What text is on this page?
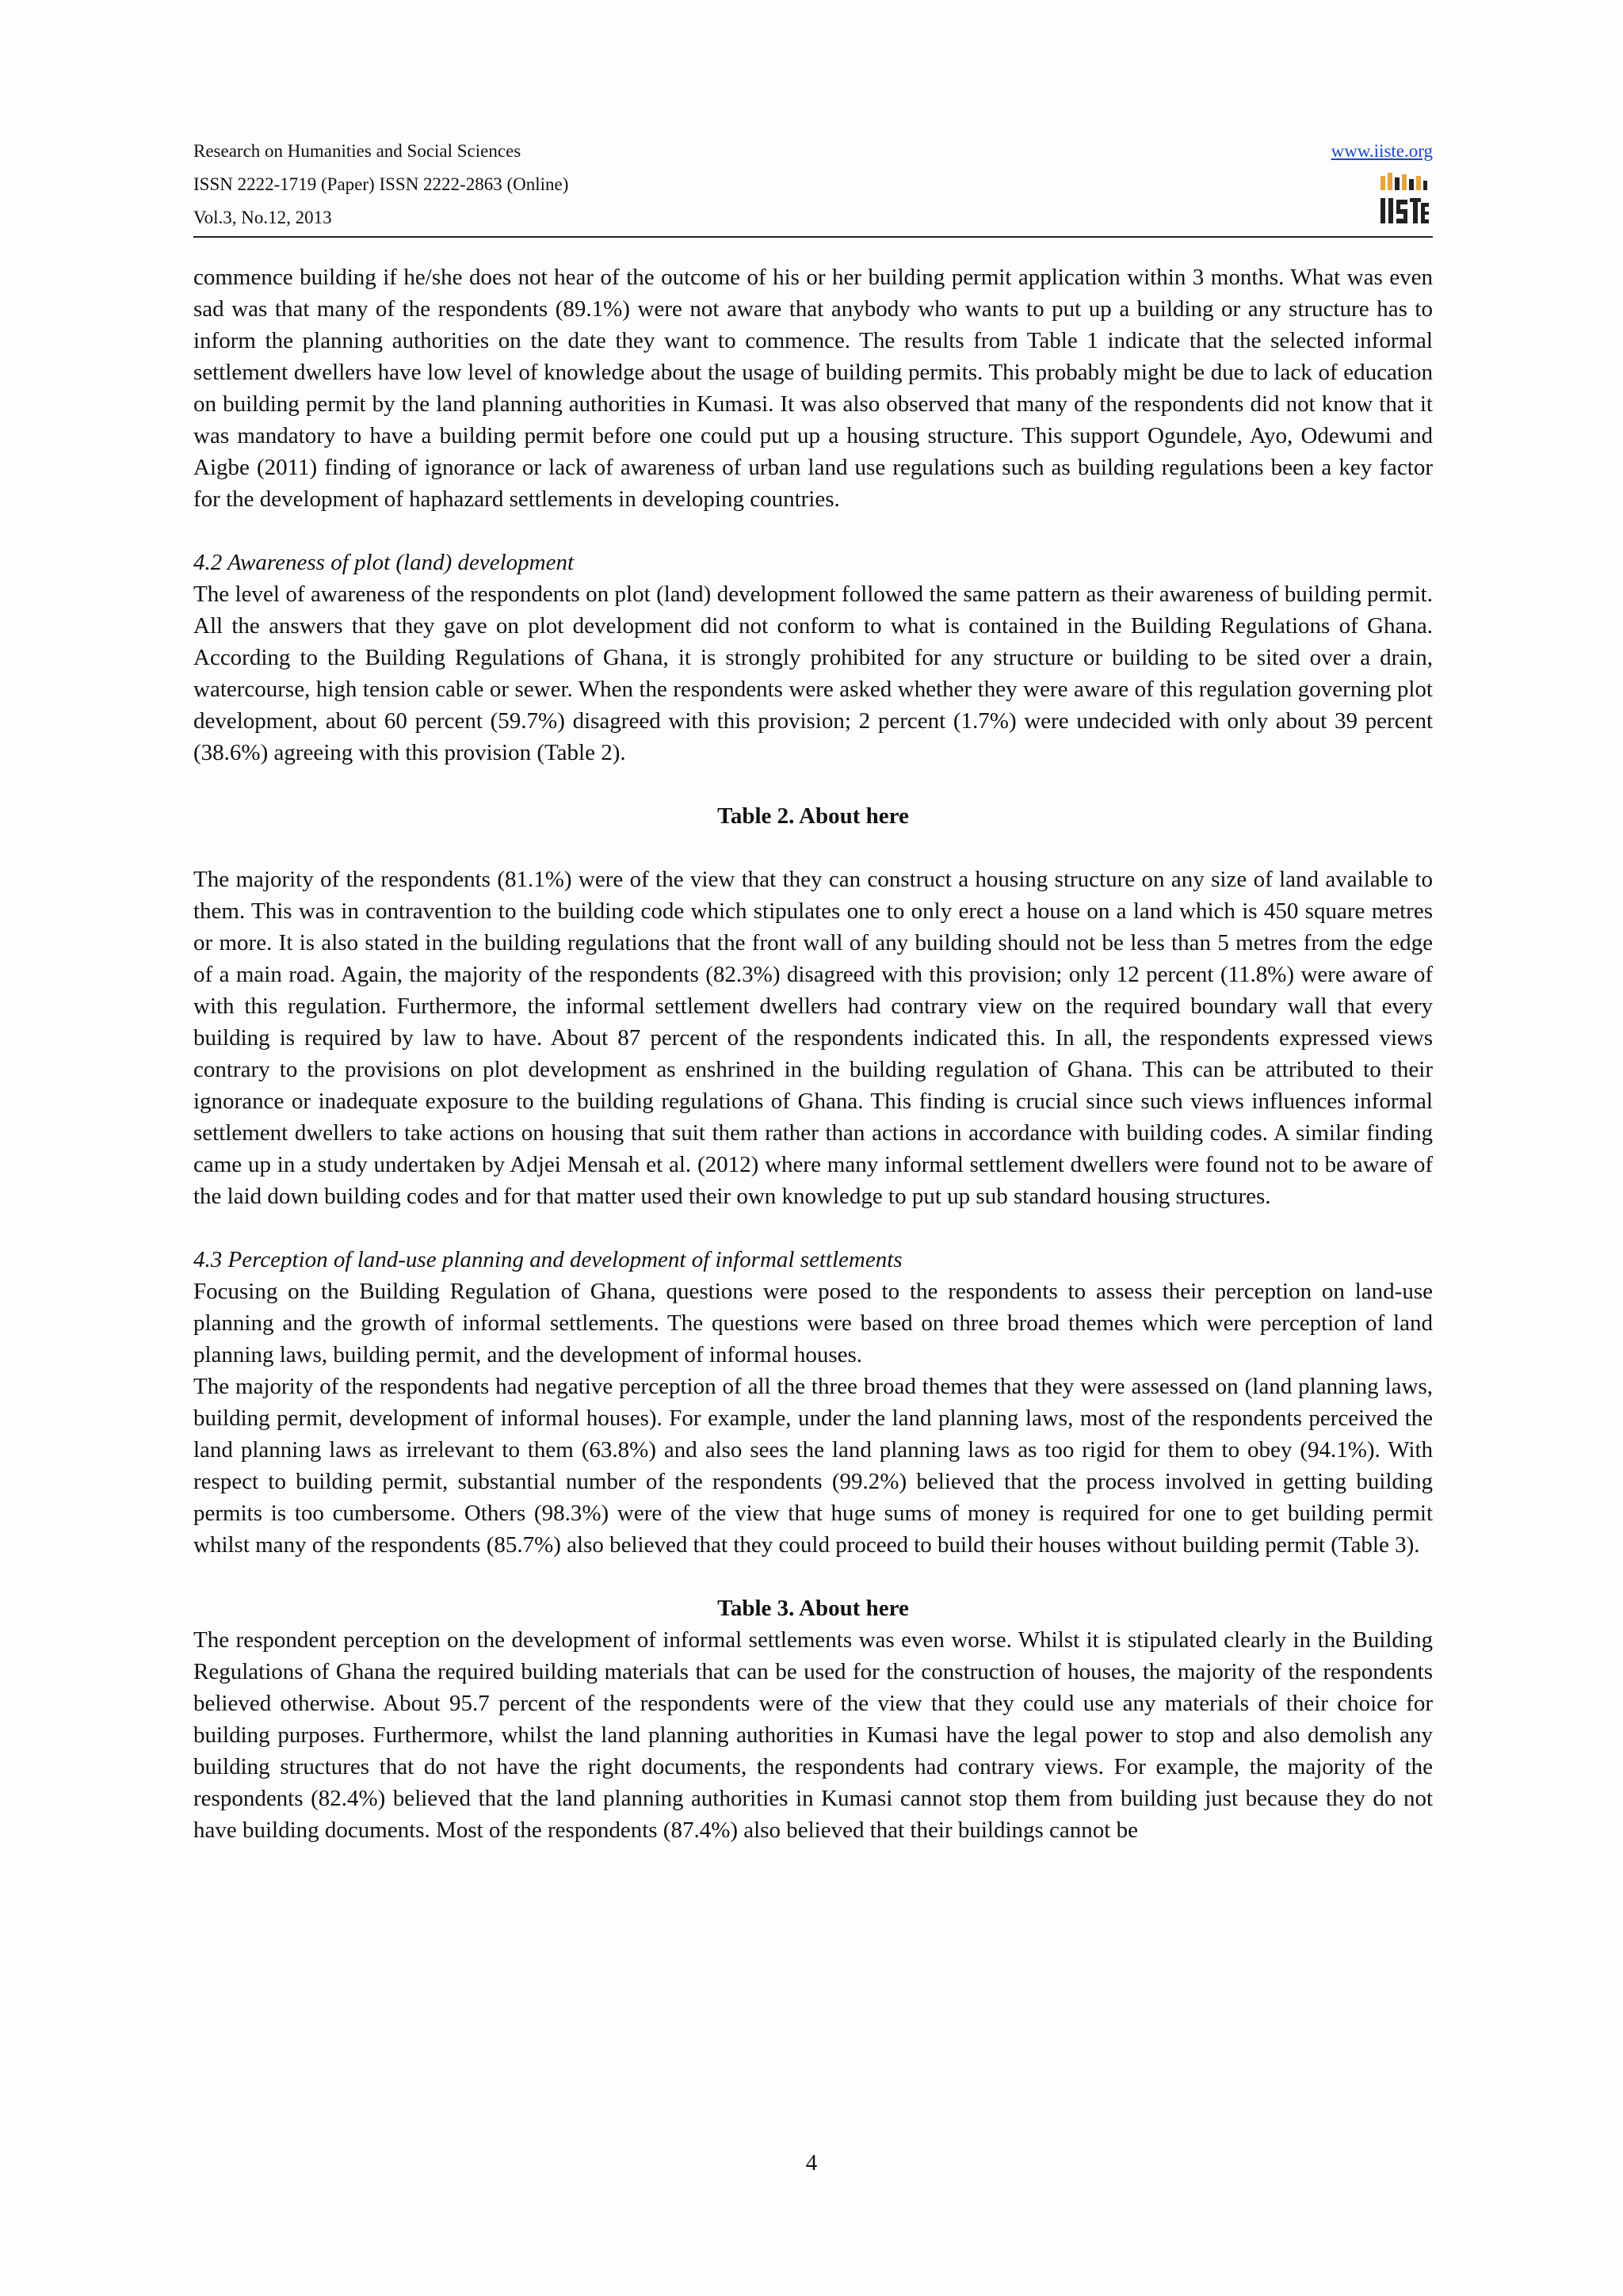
Research on Humanities and Social Sciences
ISSN 2222-1719 (Paper) ISSN 2222-2863 (Online)
Vol.3, No.12, 2013
www.iiste.org

commence building if he/she does not hear of the outcome of his or her building permit application within 3 months. What was even sad was that many of the respondents (89.1%) were not aware that anybody who wants to put up a building or any structure has to inform the planning authorities on the date they want to commence. The results from Table 1 indicate that the selected informal settlement dwellers have low level of knowledge about the usage of building permits. This probably might be due to lack of education on building permit by the land planning authorities in Kumasi. It was also observed that many of the respondents did not know that it was mandatory to have a building permit before one could put up a housing structure. This support Ogundele, Ayo, Odewumi and Aigbe (2011) finding of ignorance or lack of awareness of urban land use regulations such as building regulations been a key factor for the development of haphazard settlements in developing countries.

4.2 Awareness of plot (land) development

The level of awareness of the respondents on plot (land) development followed the same pattern as their awareness of building permit. All the answers that they gave on plot development did not conform to what is contained in the Building Regulations of Ghana. According to the Building Regulations of Ghana, it is strongly prohibited for any structure or building to be sited over a drain, watercourse, high tension cable or sewer. When the respondents were asked whether they were aware of this regulation governing plot development, about 60 percent (59.7%) disagreed with this provision; 2 percent (1.7%) were undecided with only about 39 percent (38.6%) agreeing with this provision (Table 2).

Table 2. About here

The majority of the respondents (81.1%) were of the view that they can construct a housing structure on any size of land available to them. This was in contravention to the building code which stipulates one to only erect a house on a land which is 450 square metres or more. It is also stated in the building regulations that the front wall of any building should not be less than 5 metres from the edge of a main road. Again, the majority of the respondents (82.3%) disagreed with this provision; only 12 percent (11.8%) were aware of with this regulation. Furthermore, the informal settlement dwellers had contrary view on the required boundary wall that every building is required by law to have. About 87 percent of the respondents indicated this. In all, the respondents expressed views contrary to the provisions on plot development as enshrined in the building regulation of Ghana. This can be attributed to their ignorance or inadequate exposure to the building regulations of Ghana. This finding is crucial since such views influences informal settlement dwellers to take actions on housing that suit them rather than actions in accordance with building codes. A similar finding came up in a study undertaken by Adjei Mensah et al. (2012) where many informal settlement dwellers were found not to be aware of the laid down building codes and for that matter used their own knowledge to put up sub standard housing structures.

4.3 Perception of land-use planning and development of informal settlements

Focusing on the Building Regulation of Ghana, questions were posed to the respondents to assess their perception on land-use planning and the growth of informal settlements. The questions were based on three broad themes which were perception of land planning laws, building permit, and the development of informal houses.

The majority of the respondents had negative perception of all the three broad themes that they were assessed on (land planning laws, building permit, development of informal houses). For example, under the land planning laws, most of the respondents perceived the land planning laws as irrelevant to them (63.8%) and also sees the land planning laws as too rigid for them to obey (94.1%). With respect to building permit, substantial number of the respondents (99.2%) believed that the process involved in getting building permits is too cumbersome. Others (98.3%) were of the view that huge sums of money is required for one to get building permit whilst many of the respondents (85.7%) also believed that they could proceed to build their houses without building permit (Table 3).

Table 3. About here

The respondent perception on the development of informal settlements was even worse. Whilst it is stipulated clearly in the Building Regulations of Ghana the required building materials that can be used for the construction of houses, the majority of the respondents believed otherwise. About 95.7 percent of the respondents were of the view that they could use any materials of their choice for building purposes. Furthermore, whilst the land planning authorities in Kumasi have the legal power to stop and also demolish any building structures that do not have the right documents, the respondents had contrary views. For example, the majority of the respondents (82.4%) believed that the land planning authorities in Kumasi cannot stop them from building just because they do not have building documents. Most of the respondents (87.4%) also believed that their buildings cannot be

4
